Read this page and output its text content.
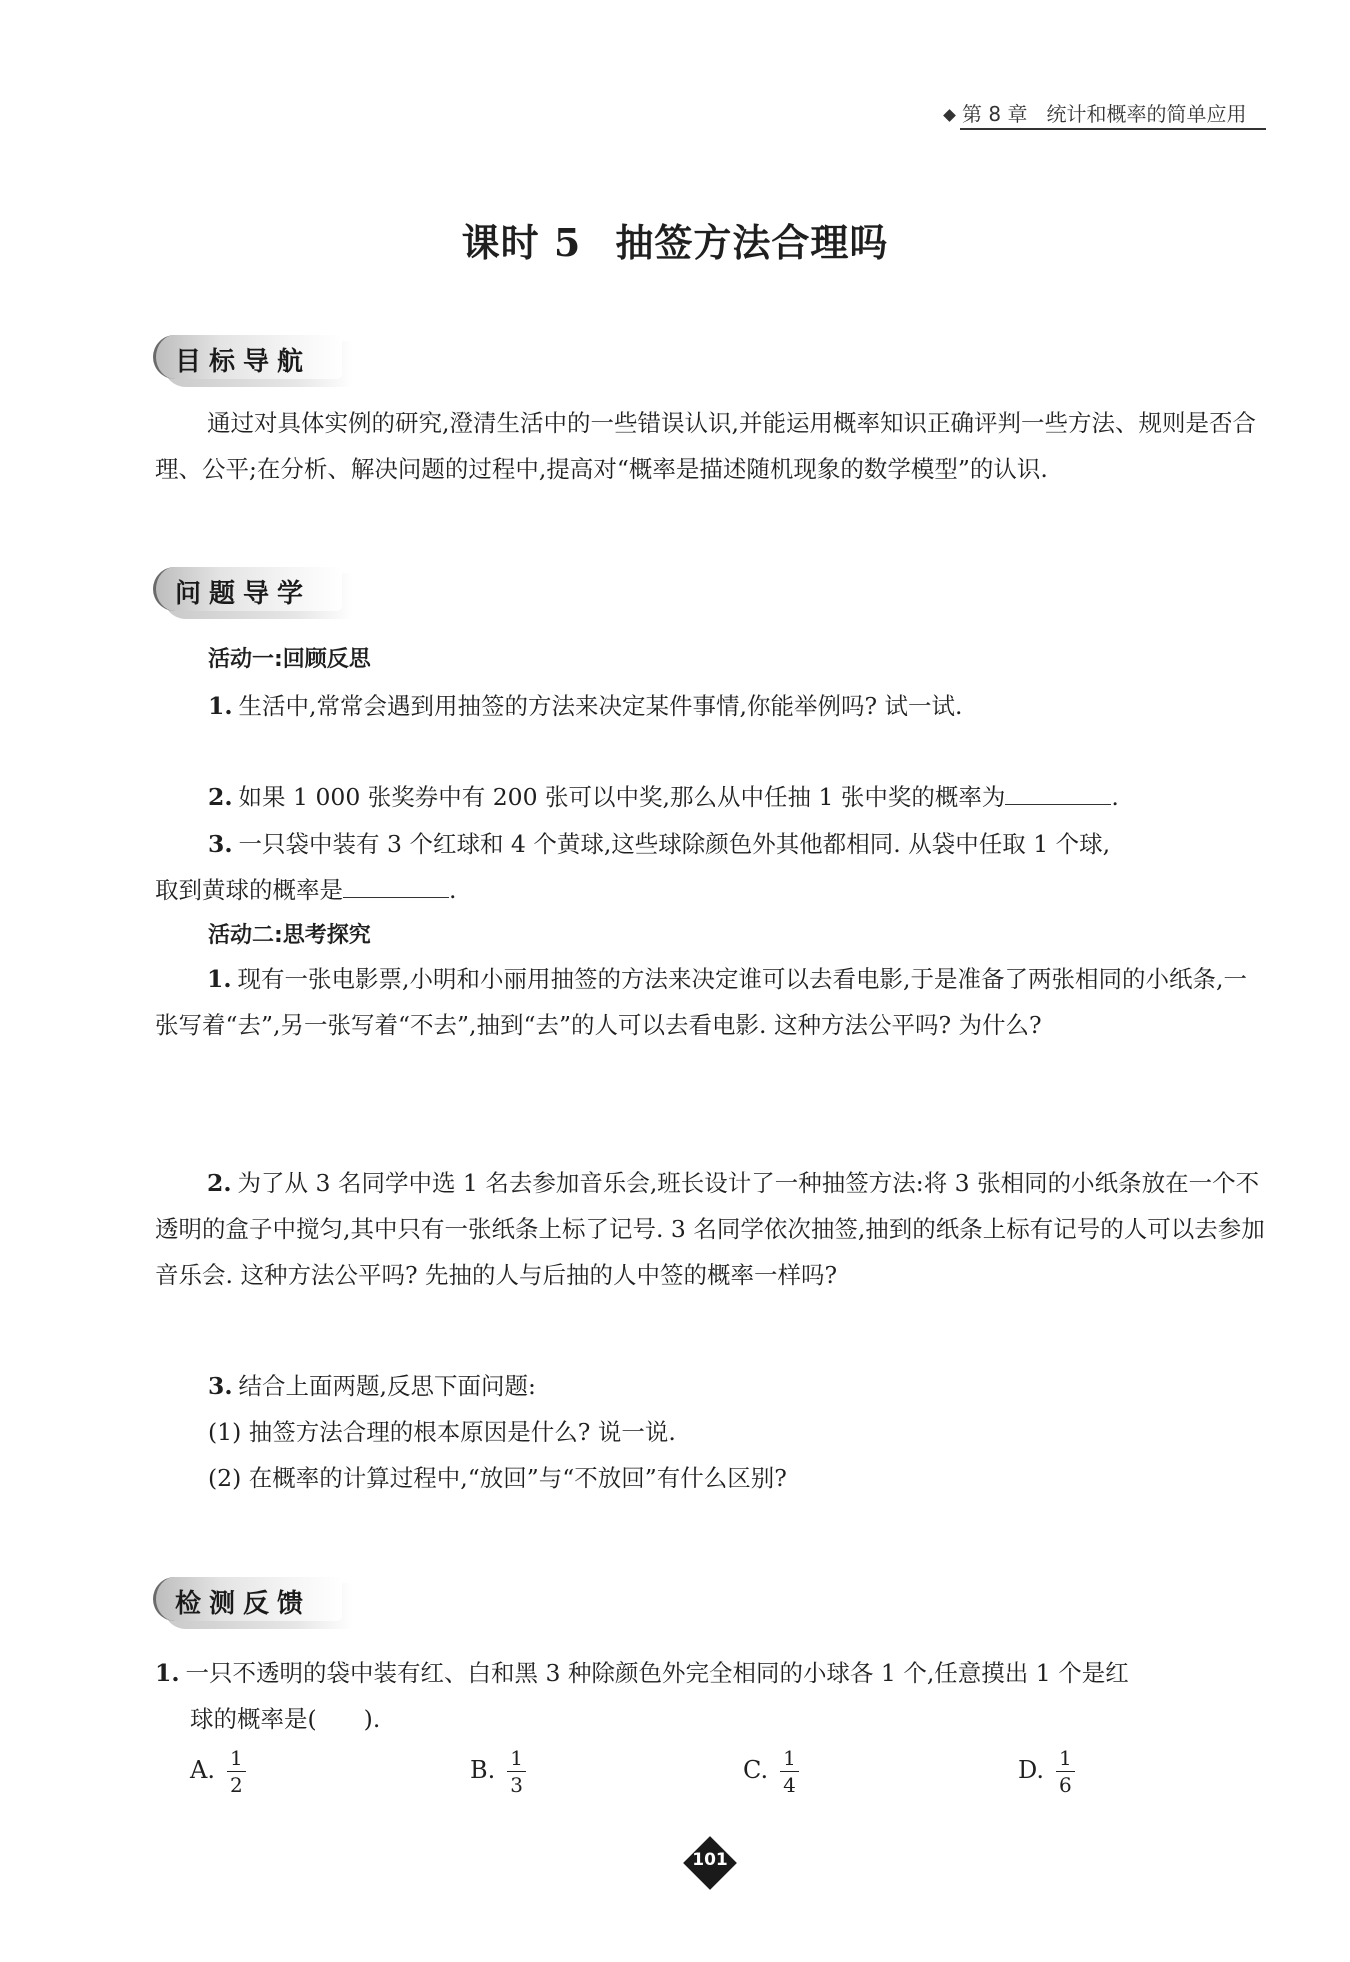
第 8 章 统计和概率的简单应用
课时 5 抽签方法合理吗
目标导航

通过对具体实例的研究,澄清生活中的一些错误认识,并能运用概率知识正确评判一些方法、规则是否合理、公平;在分析、解决问题的过程中,提高对“概率是描述随机现象的数学模型”的认识.

问题导学
活动一:回顾反思
1. 生活中,常常会遇到用抽签的方法来决定某件事情,你能举例吗? 试一试.
2. 如果 1 000 张奖券中有 200 张可以中奖,那么从中任抽 1 张中奖的概率为	.
3. 一只袋中装有 3 个红球和 4 个黄球,这些球除颜色外其他都相同. 从袋中任取 1 个球,
取到黄球的概率是	.
活动二:思考探究

1. 现有一张电影票,小明和小丽用抽签的方法来决定谁可以去看电影,于是准备了两张相同的小纸条,一张写着“去”,另一张写着“不去”,抽到“去”的人可以去看电影. 这种方法公平吗? 为什么?

2. 为了从 3 名同学中选 1 名去参加音乐会,班长设计了一种抽签方法:将 3 张相同的小纸条放在一个不透明的盒子中搅匀,其中只有一张纸条上标了记号. 3 名同学依次抽签,抽到的纸条上标有记号的人可以去参加音乐会. 这种方法公平吗? 先抽的人与后抽的人中签的概率一样吗?

3. 结合上面两题,反思下面问题:
(1) 抽签方法合理的根本原因是什么? 说一说.
(2) 在概率的计算过程中,“放回”与“不放回”有什么区别?
检测反馈
1. 一只不透明的袋中装有红、白和黑 3 种除颜色外完全相同的小球各 1 个,任意摸出 1 个是红
球的概率是(　　).
A. $\frac{1}{2}$	B. $\frac{1}{3}$	C. $\frac{1}{4}$	D. $\frac{1}{6}$
101
